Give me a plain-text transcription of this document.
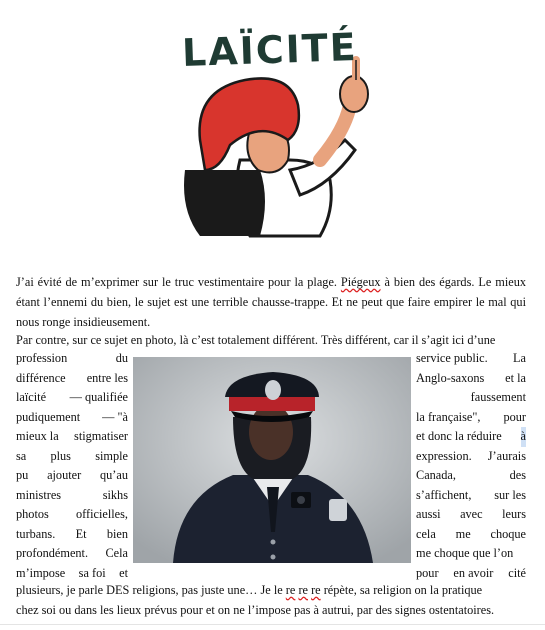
LAÏCITÉ
J’ai évité de m’exprimer sur le truc vestimentaire pour la plage. Piégeux à bien des égards. Le mieux étant l’ennemi du bien, le sujet est une terrible chausse-trappe. Et ne peut que faire empirer le mal qui nous ronge insidieusement.
Par contre, sur ce sujet en photo, là c’est totalement différent. Très différent, car il s’agit ici d’une
profession	du
différence entre les
laïcité — qualifiée
pudiquement — "à
mieux la stigmatiser
sa plus simple
pu ajouter qu’au
ministres	sikhs
photos officielles,
turbans. Et bien
profondément. Cela
m’impose sa foi et
service public. La
Anglo-saxons et la
faussement
la française", pour
et donc la réduire à
expression. J’aurais
Canada,	des
s’affichent, sur les
aussi avec leurs
cela me choque
me choque que l’on
pour en avoir cité
plusieurs, je parle DES religions, pas juste une… Je le re re re répète, sa religion on la pratique
chez soi ou dans les lieux prévus pour et on ne l’impose pas à autrui, par des signes ostentatoires.
